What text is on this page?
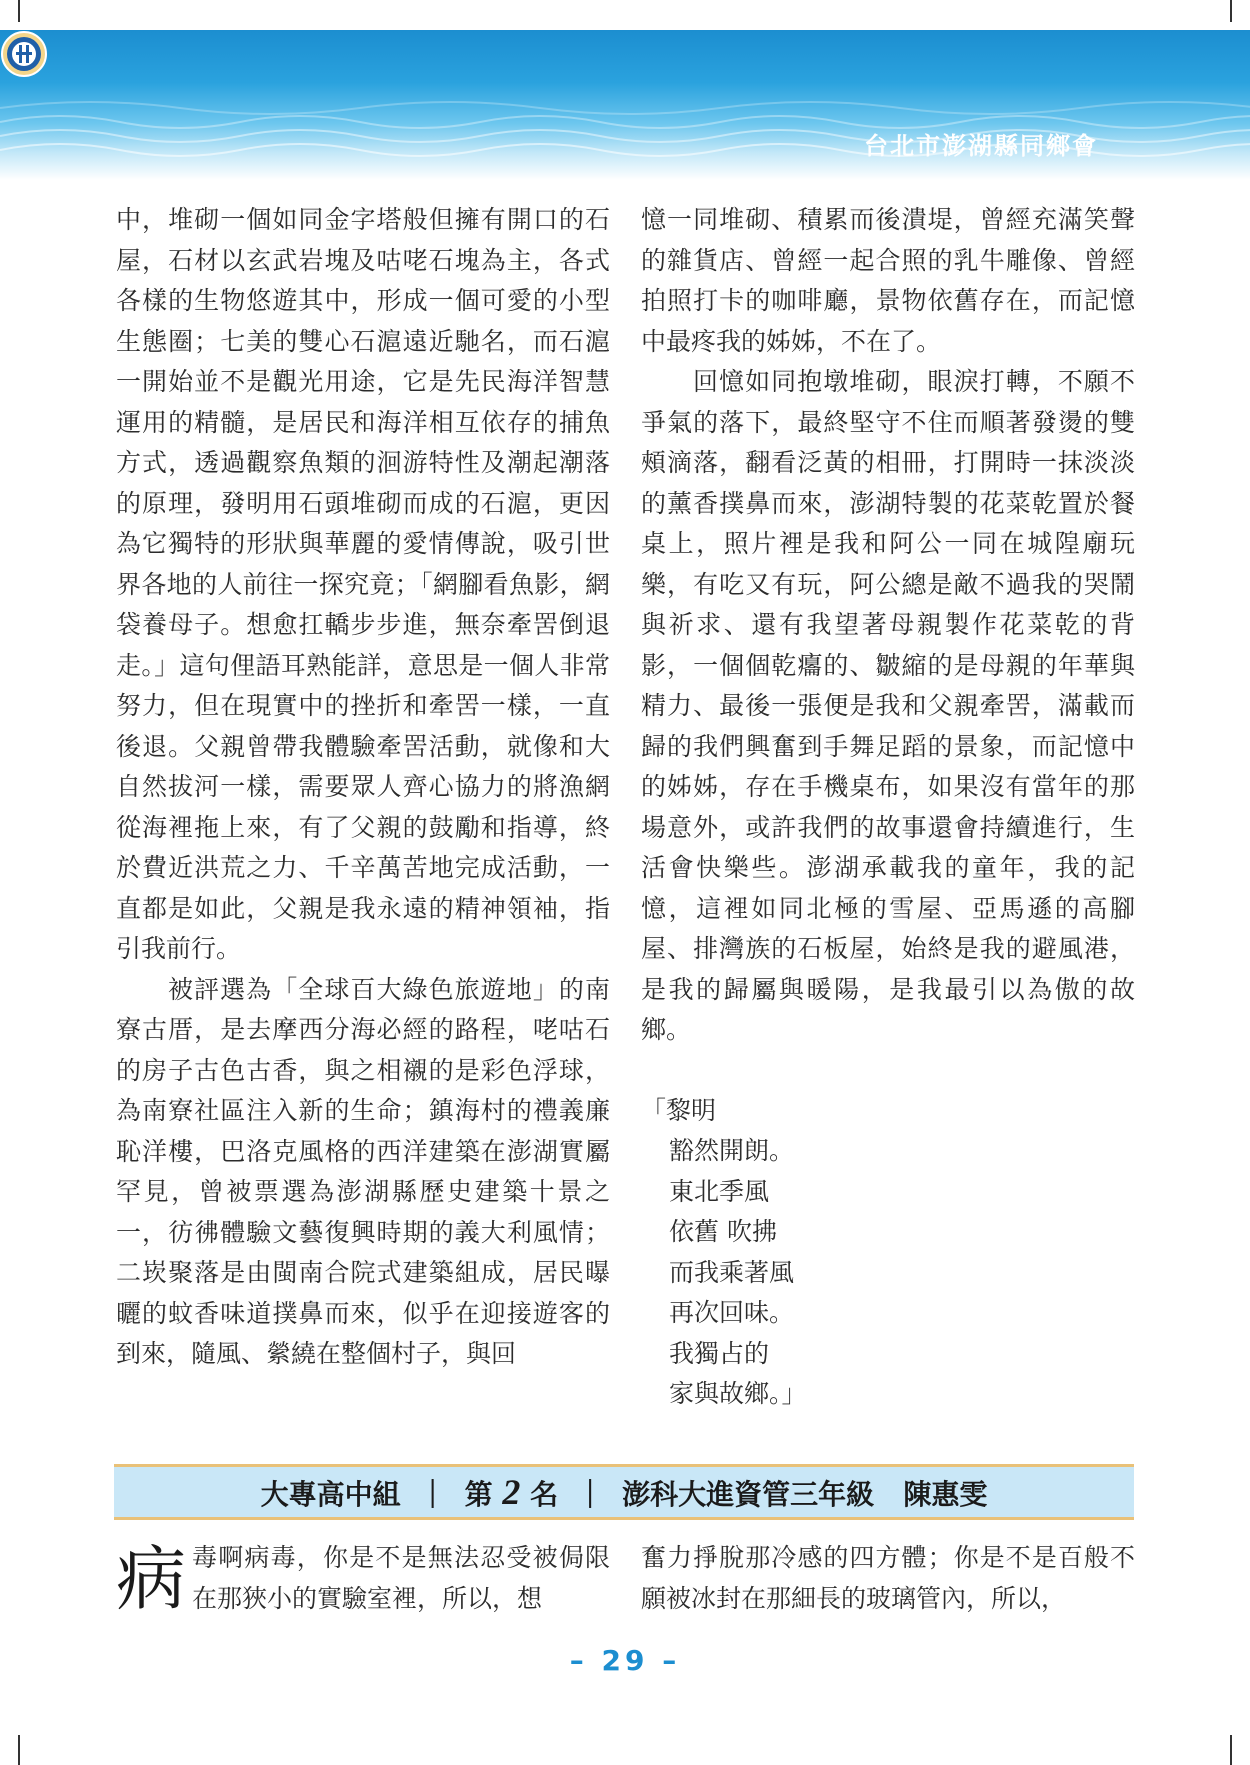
台北市澎湖縣同鄉會

中，堆砌一個如同金字塔般但擁有開口的石屋，石材以玄武岩塊及咕咾石塊為主，各式各樣的生物悠遊其中，形成一個可愛的小型生態圈；七美的雙心石滬遠近馳名，而石滬一開始並不是觀光用途，它是先民海洋智慧運用的精髓，是居民和海洋相互依存的捕魚方式，透過觀察魚類的洄游特性及潮起潮落的原理，發明用石頭堆砌而成的石滬，更因為它獨特的形狀與華麗的愛情傳說，吸引世界各地的人前往一探究竟；「網腳看魚影，網袋養母子。想愈扛轎步步進，無奈牽罟倒退走。」這句俚語耳熟能詳，意思是一個人非常努力，但在現實中的挫折和牽罟一樣，一直後退。父親曾帶我體驗牽罟活動，就像和大自然拔河一樣，需要眾人齊心協力的將漁網從海裡拖上來，有了父親的鼓勵和指導，終於費近洪荒之力、千辛萬苦地完成活動，一直都是如此，父親是我永遠的精神領袖，指引我前行。

被評選為「全球百大綠色旅遊地」的南寮古厝，是去摩西分海必經的路程，咾咕石的房子古色古香，與之相襯的是彩色浮球，為南寮社區注入新的生命；鎮海村的禮義廉恥洋樓，巴洛克風格的西洋建築在澎湖實屬罕見，曾被票選為澎湖縣歷史建築十景之一，彷彿體驗文藝復興時期的義大利風情；二崁聚落是由閩南合院式建築組成，居民曝曬的蚊香味道撲鼻而來，似乎在迎接遊客的到來，隨風、縈繞在整個村子，與回

憶一同堆砌、積累而後潰堤，曾經充滿笑聲的雜貨店、曾經一起合照的乳牛雕像、曾經拍照打卡的咖啡廳，景物依舊存在，而記憶中最疼我的姊姊，不在了。

回憶如同抱墩堆砌，眼淚打轉，不願不爭氣的落下，最終堅守不住而順著發燙的雙頰滴落，翻看泛黃的相冊，打開時一抹淡淡的薰香撲鼻而來，澎湖特製的花菜乾置於餐桌上，照片裡是我和阿公一同在城隍廟玩樂，有吃又有玩，阿公總是敵不過我的哭鬧與祈求、還有我望著母親製作花菜乾的背影，一個個乾癟的、皺縮的是母親的年華與精力、最後一張便是我和父親牽罟，滿載而歸的我們興奮到手舞足蹈的景象，而記憶中的姊姊，存在手機桌布，如果沒有當年的那場意外，或許我們的故事還會持續進行，生活會快樂些。澎湖承載我的童年，我的記憶，這裡如同北極的雪屋、亞馬遜的高腳屋、排灣族的石板屋，始終是我的避風港，是我的歸屬與暖陽，是我最引以為傲的故鄉。

「黎明
豁然開朗。
東北季風
依舊 吹拂
而我乘著風
再次回味。
我獨占的
家與故鄉。」
大專高中組 ｜ 第 2 名 ｜ 澎科大進資管三年級 陳惠雯
病 毒啊病毒，你是不是無法忍受被侷限在那狹小的實驗室裡，所以，想

奮力掙脫那冷感的四方體；你是不是百般不願被冰封在那細長的玻璃管內，所以，

– 29 –
